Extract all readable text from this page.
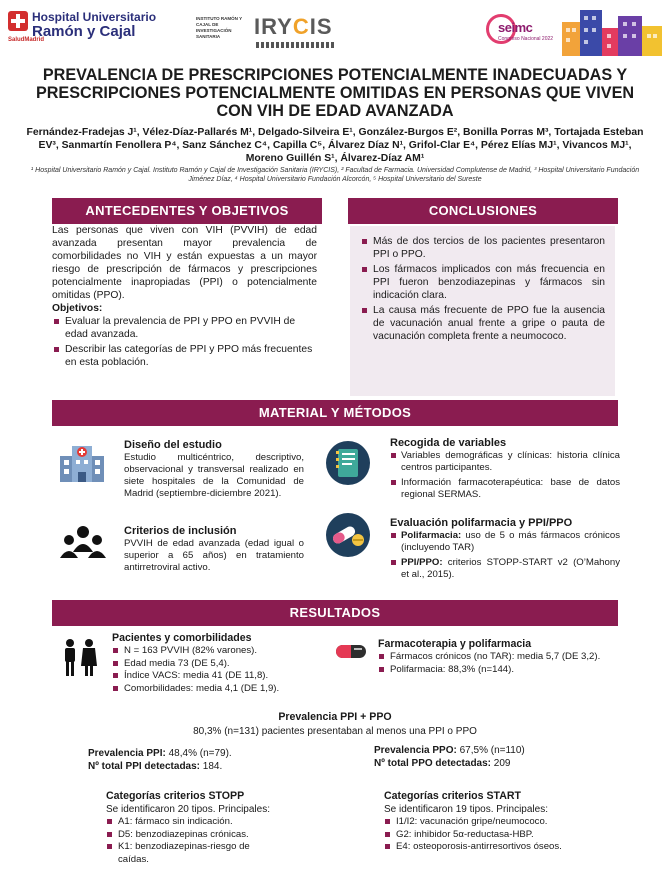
Hospital Universitario
Ramón y Cajal
SaludMadrid
INSTITUTO RAMÓN Y CAJAL DE INVESTIGACIÓN SANITARIA	IRYCIS	seimc
Congreso Nacional 2022
PREVALENCIA DE PRESCRIPCIONES POTENCIALMENTE INADECUADAS Y PRESCRIPCIONES POTENCIALMENTE OMITIDAS EN PERSONAS QUE VIVEN CON VIH DE EDAD AVANZADA
Fernández-Fradejas J¹, Vélez-Díaz-Pallarés M¹, Delgado-Silveira E¹, González-Burgos E², Bonilla Porras M³, Tortajada Esteban EV³, Sanmartín Fenollera P⁴, Sanz Sánchez C⁴, Capilla C⁵, Álvarez Díaz N¹, Grifol-Clar E⁴, Pérez Elías MJ¹, Vivancos MJ¹, Moreno Guillén S¹, Álvarez-Díaz AM¹
¹ Hospital Universitario Ramón y Cajal. Instituto Ramón y Cajal de Investigación Sanitaria (IRYCIS), ² Facultad de Farmacia. Universidad Complutense de Madrid, ³ Hospital Universitario Fundación Jiménez Díaz, ⁴ Hospital Universitario Fundación Alcorcón, ⁵ Hospital Universitario del Sureste
ANTECEDENTES Y OBJETIVOS

Las personas que viven con VIH (PVVIH) de edad avanzada presentan mayor prevalencia de comorbilidades no VIH y están expuestas a un mayor riesgo de prescripción de fármacos y prescripciones potencialmente inapropiadas (PPI) o potencialmente omitidas (PPO).

Objetivos:
Evaluar la prevalencia de PPI y PPO en PVVIH de edad avanzada.
Describir las categorías de PPI y PPO más frecuentes en esta población.
CONCLUSIONES
Más de dos tercios de los pacientes presentaron PPI o PPO.
Los fármacos implicados con más frecuencia en PPI fueron benzodiazepinas y fármacos sin indicación clara.
La causa más frecuente de PPO fue la ausencia de vacunación anual frente a gripe o pauta de vacunación completa frente a neumococo.
MATERIAL Y MÉTODOS
Diseño del estudio
Estudio multicéntrico, descriptivo, observacional y transversal realizado en siete hospitales de la Comunidad de Madrid (septiembre-diciembre 2021).
Criterios de inclusión
PVVIH de edad avanzada (edad igual o superior a 65 años) en tratamiento antirretroviral activo.
Recogida de variables
Variables demográficas y clínicas: historia clínica centros participantes.
Información farmacoterapéutica: base de datos regional SERMAS.
Evaluación polifarmacia y PPI/PPO
Polifarmacia: uso de 5 o más fármacos crónicos (incluyendo TAR)
PPI/PPO: criterios STOPP-START v2 (O’Mahony et al., 2015).
RESULTADOS
Pacientes y comorbilidades
N = 163 PVVIH (82% varones).
Edad media 73 (DE 5,4).
Índice VACS: media 41 (DE 11,8).
Comorbilidades: media 4,1 (DE 1,9).
Farmacoterapia y polifarmacia
Fármacos crónicos (no TAR): media 5,7 (DE 3,2).
Polifarmacia: 88,3% (n=144).
Prevalencia PPI + PPO
80,3% (n=131) pacientes presentaban al menos una PPI o PPO
Prevalencia PPI: 48,4% (n=79).
Nº total PPI detectadas: 184.
Prevalencia PPO: 67,5% (n=110)
Nº total PPO detectadas: 209
Categorías criterios STOPP
Se identificaron 20 tipos. Principales:
A1: fármaco sin indicación.
D5: benzodiazepinas crónicas.
K1: benzodiazepinas-riesgo de caídas.
Categorías criterios START
Se identificaron 19 tipos. Principales:
I1/I2: vacunación gripe/neumococo.
G2: inhibidor 5α-reductasa-HBP.
E4: osteoporosis-antirresortivos óseos.
